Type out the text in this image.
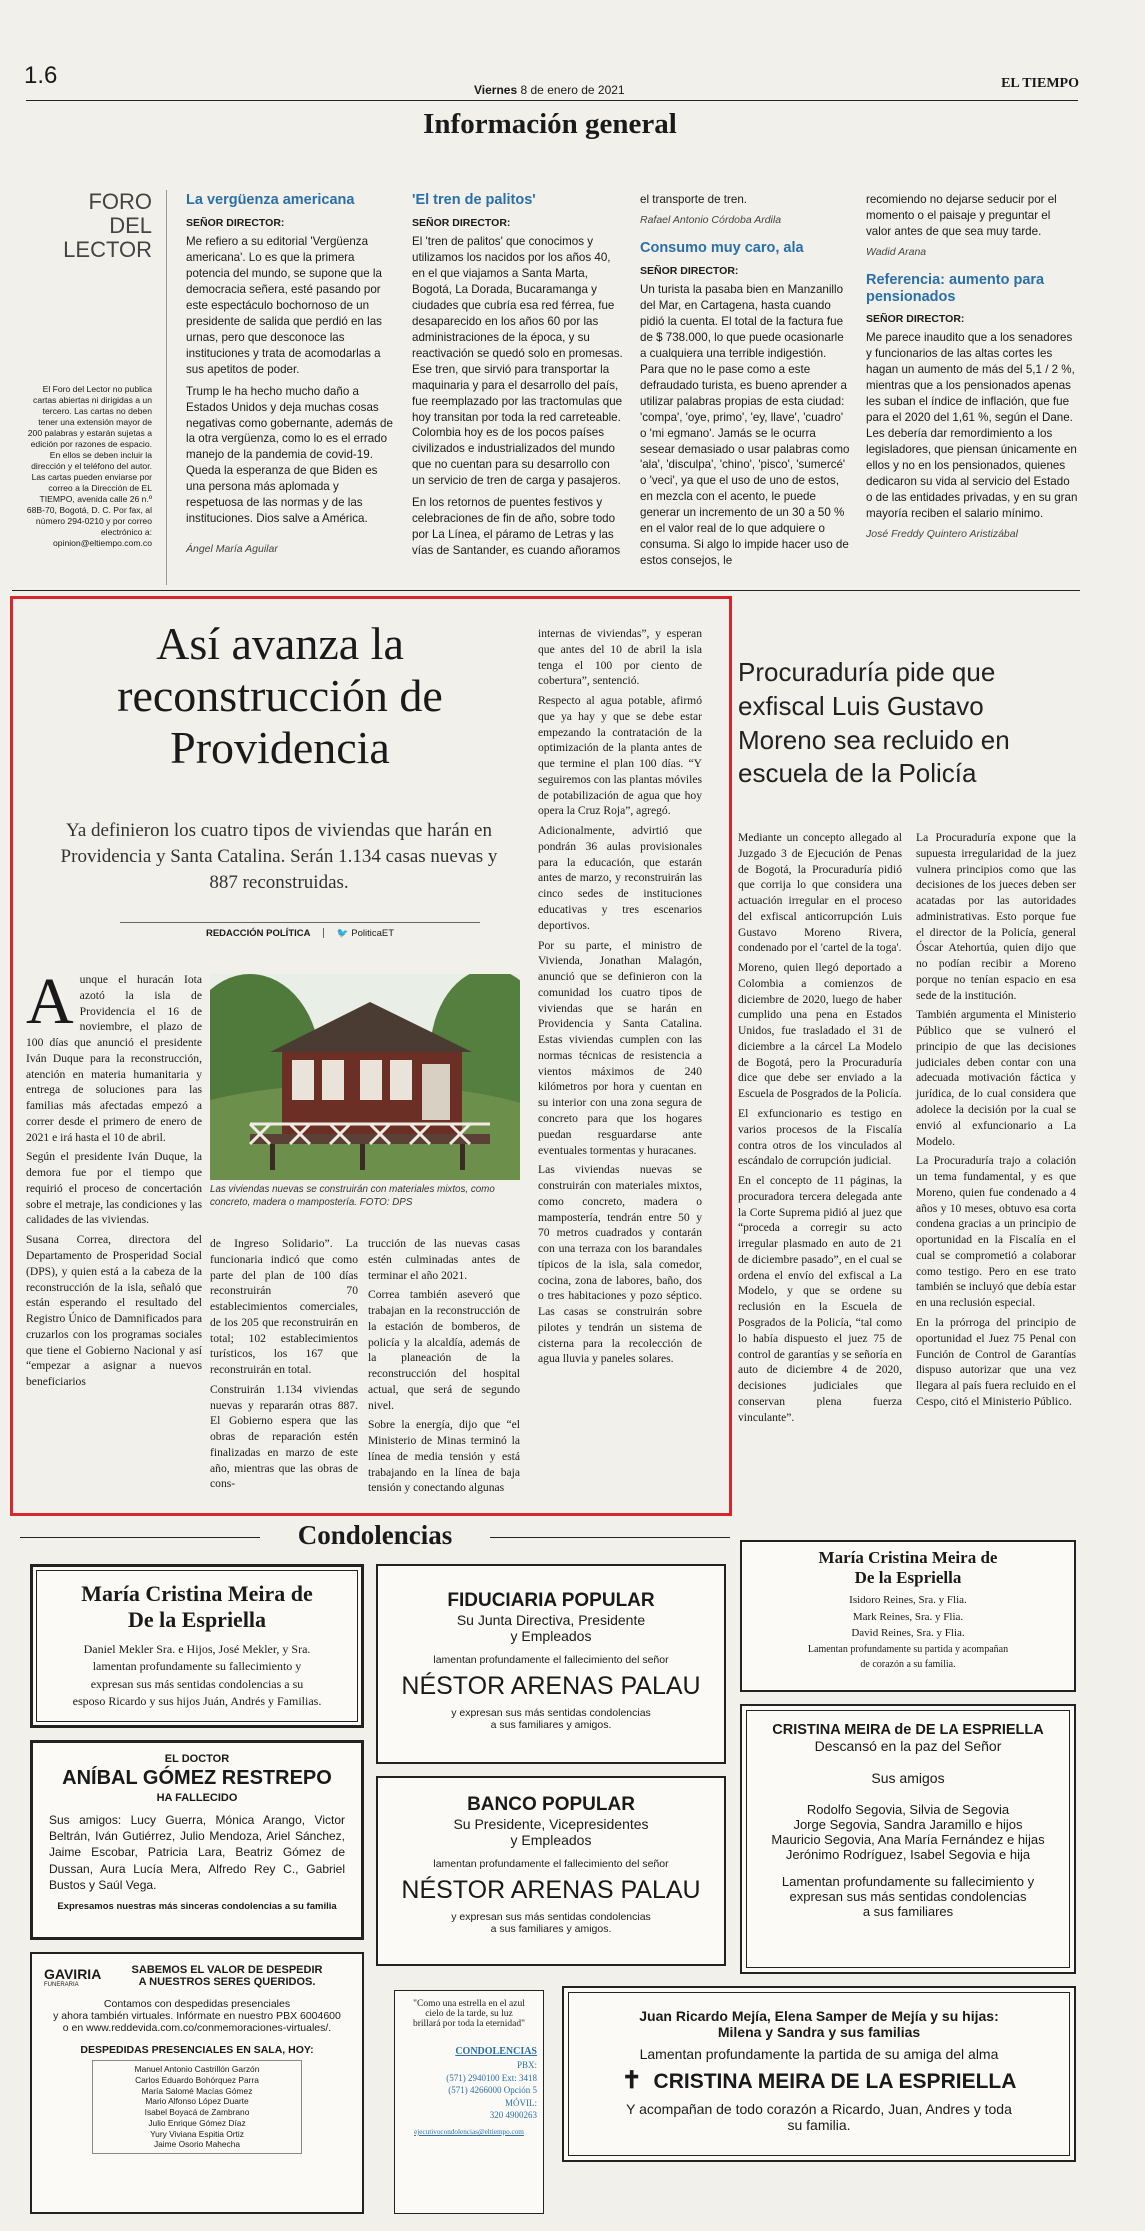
1.6
Viernes 8 de enero de 2021	EL TIEMPO
Información general
FORO DEL
LECTOR
El Foro del Lector no publica cartas abiertas ni dirigidas a un tercero. Las cartas no deben tener una extensión mayor de 200 palabras y estarán sujetas a edición por razones de espacio. En ellos se deben incluir la dirección y el teléfono del autor. Las cartas pueden enviarse por correo a la Dirección de EL TIEMPO, avenida calle 26 n.º 68B-70, Bogotá, D. C. Por fax, al número 294-0210 y por correo electrónico a: opinion@eltiempo.com.co
La vergüenza americana
SEÑOR DIRECTOR:

Me refiero a su editorial 'Vergüenza americana'. Lo es que la primera potencia del mundo, se supone que la democracia señera, esté pasando por este espectáculo bochornoso de un presidente de salida que perdió en las urnas, pero que desconoce las instituciones y trata de acomodarlas a sus apetitos de poder.

Trump le ha hecho mucho daño a Estados Unidos y deja muchas cosas negativas como gobernante, además de la otra vergüenza, como lo es el errado manejo de la pandemia de covid-19. Queda la esperanza de que Biden es una persona más aplomada y respetuosa de las normas y de las instituciones. Dios salve a América.

Ángel María Aguilar
'El tren de palitos'
SEÑOR DIRECTOR:

El 'tren de palitos' que conocimos y utilizamos los nacidos por los años 40, en el que viajamos a Santa Marta, Bogotá, La Dorada, Bucaramanga y ciudades que cubría esa red férrea, fue desaparecido en los años 60 por las administraciones de la época, y su reactivación se quedó solo en promesas. Ese tren, que sirvió para transportar la maquinaria y para el desarrollo del país, fue reemplazado por las tractomulas que hoy transitan por toda la red carreteable. Colombia hoy es de los pocos países civilizados e industrializados del mundo que no cuentan para su desarrollo con un servicio de tren de carga y pasajeros.

En los retornos de puentes festivos y celebraciones de fin de año, sobre todo por La Línea, el páramo de Letras y las vías de Santander, es cuando añoramos

el transporte de tren.

Rafael Antonio Córdoba Ardila
Consumo muy caro, ala
SEÑOR DIRECTOR:

Un turista la pasaba bien en Manzanillo del Mar, en Cartagena, hasta cuando pidió la cuenta. El total de la factura fue de $ 738.000, lo que puede ocasionarle a cualquiera una terrible indigestión. Para que no le pase como a este defraudado turista, es bueno aprender a utilizar palabras propias de esta ciudad: 'compa', 'oye, primo', 'ey, llave', 'cuadro' o 'mi egmano'. Jamás se le ocurra sesear demasiado o usar palabras como 'ala', 'disculpa', 'chino', 'pisco', 'sumercé' o 'veci', ya que el uso de uno de estos, en mezcla con el acento, le puede generar un incremento de un 30 a 50 % en el valor real de lo que adquiere o consuma. Si algo lo impide hacer uso de estos consejos, le

recomiendo no dejarse seducir por el momento o el paisaje y preguntar el valor antes de que sea muy tarde.

Wadid Arana
Referencia: aumento para pensionados
SEÑOR DIRECTOR:

Me parece inaudito que a los senadores y funcionarios de las altas cortes les hagan un aumento de más del 5,1 / 2 %, mientras que a los pensionados apenas les suban el índice de inflación, que fue para el 2020 del 1,61 %, según el Dane. Les debería dar remordimiento a los legisladores, que piensan únicamente en ellos y no en los pensionados, quienes dedicaron su vida al servicio del Estado o de las entidades privadas, y en su gran mayoría reciben el salario mínimo.

José Freddy Quintero Aristizábal
Así avanza la reconstrucción de Providencia
Ya definieron los cuatro tipos de viviendas que harán en Providencia y Santa Catalina. Serán 1.134 casas nuevas y 887 reconstruidas.
REDACCIÓN POLÍTICA	🐦 PoliticaET
Las viviendas nuevas se construirán con materiales mixtos, como concreto, madera o mampostería. FOTO: DPS
A unque el huracán Iota azotó la isla de Providencia el 16 de noviembre, el plazo de 100 días que anunció el presidente Iván Duque para la reconstrucción, atención en materia humanitaria y entrega de soluciones para las familias más afectadas empezó a correr desde el primero de enero de 2021 e irá hasta el 10 de abril.

Según el presidente Iván Duque, la demora fue por el tiempo que requirió el proceso de concertación sobre el metraje, las condiciones y las calidades de las viviendas.

Susana Correa, directora del Departamento de Prosperidad Social (DPS), y quien está a la cabeza de la reconstrucción de la isla, señaló que están esperando el resultado del Registro Único de Damnificados para cruzarlos con los programas sociales que tiene el Gobierno Nacional y así “empezar a asignar a nuevos beneficiarios

de Ingreso Solidario”. La funcionaria indicó que como parte del plan de 100 días reconstruirán 70 establecimientos comerciales, de los 205 que reconstruirán en total; 102 establecimientos turísticos, los 167 que reconstruirán en total.

Construirán 1.134 viviendas nuevas y repararán otras 887. El Gobierno espera que las obras de reparación estén finalizadas en marzo de este año, mientras que las obras de cons-

trucción de las nuevas casas estén culminadas antes de terminar el año 2021.

Correa también aseveró que trabajan en la reconstrucción de la estación de bomberos, de policía y la alcaldía, además de la planeación de la reconstrucción del hospital actual, que será de segundo nivel.

Sobre la energía, dijo que “el Ministerio de Minas terminó la línea de media tensión y está trabajando en la línea de baja tensión y conectando algunas

internas de viviendas”, y esperan que antes del 10 de abril la isla tenga el 100 por ciento de cobertura”, sentenció.

Respecto al agua potable, afirmó que ya hay y que se debe estar empezando la contratación de la optimización de la planta antes de que termine el plan 100 días. “Y seguiremos con las plantas móviles de potabilización de agua que hoy opera la Cruz Roja”, agregó.

Adicionalmente, advirtió que pondrán 36 aulas provisionales para la educación, que estarán antes de marzo, y reconstruirán las cinco sedes de instituciones educativas y tres escenarios deportivos.

Por su parte, el ministro de Vivienda, Jonathan Malagón, anunció que se definieron con la comunidad los cuatro tipos de viviendas que se harán en Providencia y Santa Catalina. Estas viviendas cumplen con las normas técnicas de resistencia a vientos máximos de 240 kilómetros por hora y cuentan en su interior con una zona segura de concreto para que los hogares puedan resguardarse ante eventuales tormentas y huracanes.

Las viviendas nuevas se construirán con materiales mixtos, como concreto, madera o mampostería, tendrán entre 50 y 70 metros cuadrados y contarán con una terraza con los barandales típicos de la isla, sala comedor, cocina, zona de labores, baño, dos o tres habitaciones y pozo séptico. Las casas se construirán sobre pilotes y tendrán un sistema de cisterna para la recolección de agua lluvia y paneles solares.

Procuraduría pide que exfiscal Luis Gustavo Moreno sea recluido en escuela de la Policía

Mediante un concepto allegado al Juzgado 3 de Ejecución de Penas de Bogotá, la Procuraduría pidió que corrija lo que considera una actuación irregular en el proceso del exfiscal anticorrupción Luis Gustavo Moreno Rivera, condenado por el 'cartel de la toga'.

Moreno, quien llegó deportado a Colombia a comienzos de diciembre de 2020, luego de haber cumplido una pena en Estados Unidos, fue trasladado el 31 de diciembre a la cárcel La Modelo de Bogotá, pero la Procuraduría dice que debe ser enviado a la Escuela de Posgrados de la Policía.

El exfuncionario es testigo en varios procesos de la Fiscalía contra otros de los vinculados al escándalo de corrupción judicial.

En el concepto de 11 páginas, la procuradora tercera delegada ante la Corte Suprema pidió al juez que “proceda a corregir su acto irregular plasmado en auto de 21 de diciembre pasado”, en el cual se ordena el envío del exfiscal a La Modelo, y que se ordene su reclusión en la Escuela de Posgrados de la Policía, “tal como lo había dispuesto el juez 75 de control de garantías y se señoría en auto de diciembre 4 de 2020, decisiones judiciales que conservan plena fuerza vinculante”.

La Procuraduría expone que la supuesta irregularidad de la juez vulnera principios como que las decisiones de los jueces deben ser acatadas por las autoridades administrativas. Esto porque fue el director de la Policía, general Óscar Atehortúa, quien dijo que no podían recibir a Moreno porque no tenían espacio en esa sede de la institución.

También argumenta el Ministerio Público que se vulneró el principio de que las decisiones judiciales deben contar con una adecuada motivación fáctica y jurídica, de lo cual considera que adolece la decisión por la cual se envió al exfuncionario a La Modelo.

La Procuraduría trajo a colación un tema fundamental, y es que Moreno, quien fue condenado a 4 años y 10 meses, obtuvo esa corta condena gracias a un principio de oportunidad en la Fiscalía en el cual se comprometió a colaborar como testigo. Pero en ese trato también se incluyó que debía estar en una reclusión especial.

En la prórroga del principio de oportunidad el Juez 75 Penal con Función de Control de Garantías dispuso autorizar que una vez llegara al país fuera recluido en el Cespo, citó el Ministerio Público.

Condolencias
María Cristina Meira de
De la Espriella
Daniel Mekler Sra. e Hijos, José Mekler, y Sra.
lamentan profundamente su fallecimiento y
expresan sus más sentidas condolencias a su
esposo Ricardo y sus hijos Juán, Andrés y Familias.
EL DOCTOR
ANÍBAL GÓMEZ RESTREPO
HA FALLECIDO
Sus amigos: Lucy Guerra, Mónica Arango, Victor Beltrán, Iván Gutiérrez, Julio Mendoza, Ariel Sánchez, Jaime Escobar, Patricia Lara, Beatriz Gómez de Dussan, Aura Lucía Mera, Alfredo Rey C., Gabriel Bustos y Saúl Vega.
Expresamos nuestras más sinceras condolencias a su familia
GAVIRIA
FUNERARIA
SABEMOS EL VALOR DE DESPEDIR
A NUESTROS SERES QUERIDOS.
Contamos con despedidas presenciales
y ahora también virtuales. Infórmate en nuestro PBX 6004600
o en www.reddevida.com.co/conmemoraciones-virtuales/.
DESPEDIDAS PRESENCIALES EN SALA, HOY:
Manuel Antonio Castrillón Garzón
Carlos Eduardo Bohórquez Parra
María Salomé Macías Gómez
Mario Alfonso López Duarte
Isabel Boyacá de Zambrano
Julio Enrique Gómez Díaz
Yury Viviana Espitia Ortiz
Jaime Osorio Mahecha
FIDUCIARIA POPULAR
Su Junta Directiva, Presidente
y Empleados
lamentan profundamente el fallecimiento del señor
NÉSTOR ARENAS PALAU
y expresan sus más sentidas condolencias
a sus familiares y amigos.
BANCO POPULAR
Su Presidente, Vicepresidentes
y Empleados
lamentan profundamente el fallecimiento del señor
NÉSTOR ARENAS PALAU
y expresan sus más sentidas condolencias
a sus familiares y amigos.
"Como una estrella en el azul
cielo de la tarde, su luz
brillará por toda la eternidad"
CONDOLENCIAS
PBX:
(571) 2940100 Ext: 3418
(571) 4266000 Opción 5
MÓVIL:
320 4900263
ejecutivocondolencias@eltiempo.com
María Cristina Meira de
De la Espriella
Isidoro Reines, Sra. y Flia.
Mark Reines, Sra. y Flia.
David Reines, Sra. y Flia.
Lamentan profundamente su partida y acompañan
de corazón a su familia.
CRISTINA MEIRA de DE LA ESPRIELLA
Descansó en la paz del Señor
Sus amigos
Rodolfo Segovia, Silvia de Segovia
Jorge Segovia, Sandra Jaramillo e hijos
Mauricio Segovia, Ana María Fernández e hijas
Jerónimo Rodríguez, Isabel Segovia e hija
Lamentan profundamente su fallecimiento y
expresan sus más sentidas condolencias
a sus familiares
Juan Ricardo Mejía, Elena Samper de Mejía y su hijas:
Milena y Sandra y sus familias
Lamentan profundamente la partida de su amiga del alma
✝ CRISTINA MEIRA DE LA ESPRIELLA
Y acompañan de todo corazón a Ricardo, Juan, Andres y toda
su familia.
